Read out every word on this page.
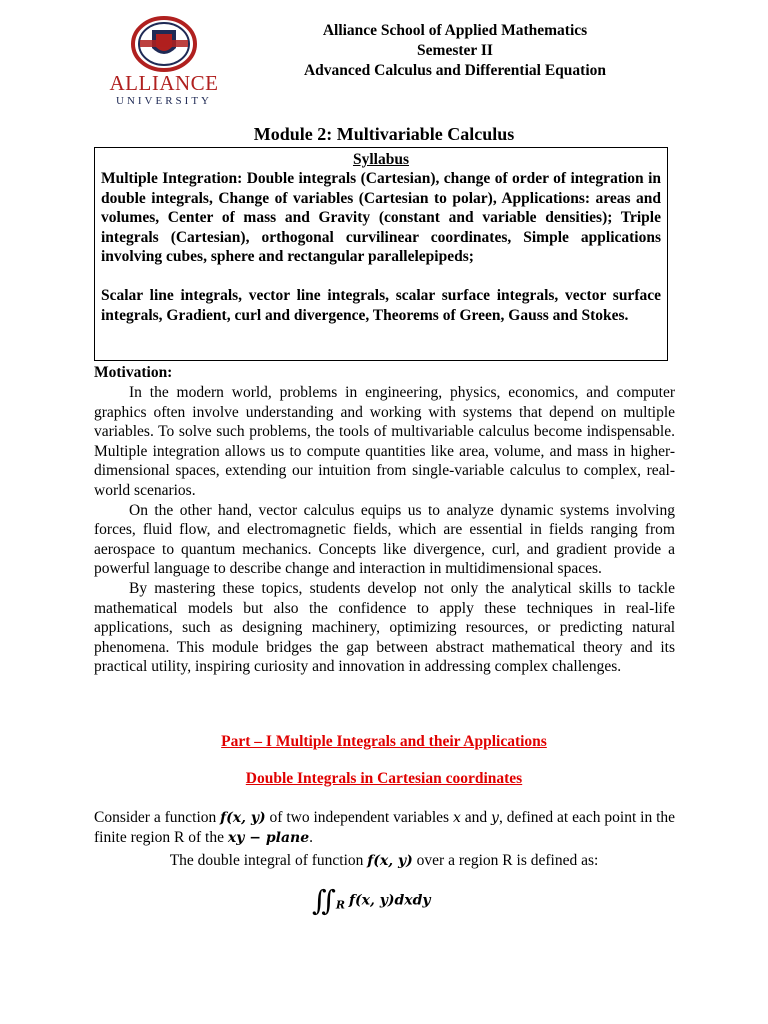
ALLIANCE
UNIVERSITY
Alliance School of Applied Mathematics
Semester II
Advanced Calculus and Differential Equation
Module 2: Multivariable Calculus
Syllabus

Multiple Integration: Double integrals (Cartesian), change of order of integration in double integrals, Change of variables (Cartesian to polar), Applications: areas and volumes, Center of mass and Gravity (constant and variable densities); Triple integrals (Cartesian), orthogonal curvilinear coordinates, Simple applications involving cubes, sphere and rectangular parallelepipeds;

Scalar line integrals, vector line integrals, scalar surface integrals, vector surface integrals, Gradient, curl and divergence, Theorems of Green, Gauss and Stokes.

Motivation:

In the modern world, problems in engineering, physics, economics, and computer graphics often involve understanding and working with systems that depend on multiple variables. To solve such problems, the tools of multivariable calculus become indispensable. Multiple integration allows us to compute quantities like area, volume, and mass in higher-dimensional spaces, extending our intuition from single-variable calculus to complex, real-world scenarios.

On the other hand, vector calculus equips us to analyze dynamic systems involving forces, fluid flow, and electromagnetic fields, which are essential in fields ranging from aerospace to quantum mechanics. Concepts like divergence, curl, and gradient provide a powerful language to describe change and interaction in multidimensional spaces.

By mastering these topics, students develop not only the analytical skills to tackle mathematical models but also the confidence to apply these techniques in real-life applications, such as designing machinery, optimizing resources, or predicting natural phenomena. This module bridges the gap between abstract mathematical theory and its practical utility, inspiring curiosity and innovation in addressing complex challenges.

Part – I Multiple Integrals and their Applications
Double Integrals in Cartesian coordinates
Consider a function f(x, y) of two independent variables x and y, defined at each point in the finite region R of the xy − plane.
The double integral of function f(x, y) over a region R is defined as:
$∬_R$ f(x, y)dxdy
